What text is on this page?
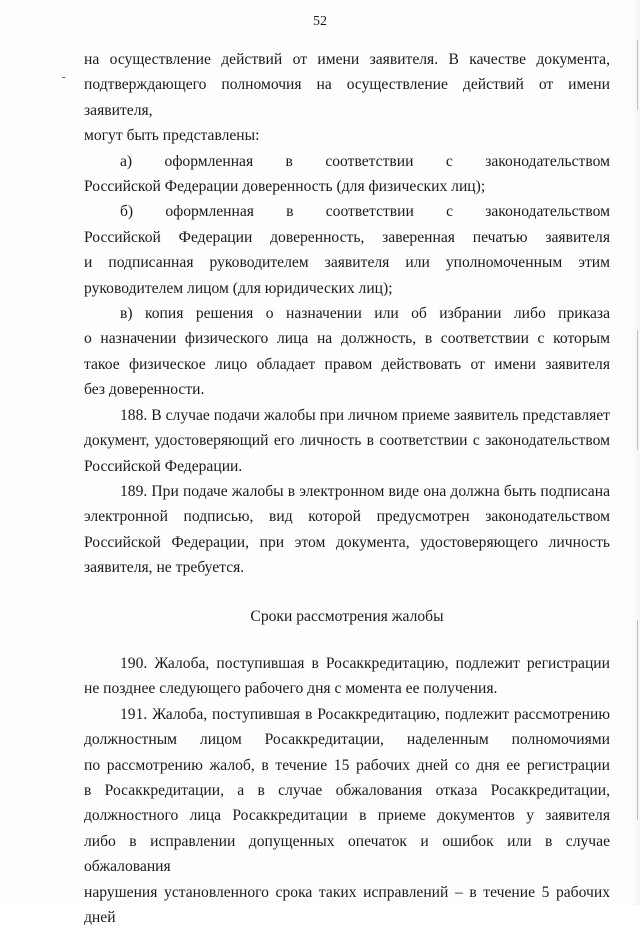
52
-
на осуществление действий от имени заявителя. В качестве документа,
подтверждающего полномочия на осуществление действий от имени заявителя,
могут быть представлены:
а) оформленная в соответствии с законодательством
Российской Федерации доверенность (для физических лиц);
б) оформленная в соответствии с законодательством
Российской Федерации доверенность, заверенная печатью заявителя
и подписанная руководителем заявителя или уполномоченным этим
руководителем лицом (для юридических лиц);
в) копия решения о назначении или об избрании либо приказа
о назначении физического лица на должность, в соответствии с которым
такое физическое лицо обладает правом действовать от имени заявителя
без доверенности.
188. В случае подачи жалобы при личном приеме заявитель представляет
документ, удостоверяющий его личность в соответствии с законодательством
Российской Федерации.
189. При подаче жалобы в электронном виде она должна быть подписана
электронной подписью, вид которой предусмотрен законодательством
Российской Федерации, при этом документа, удостоверяющего личность
заявителя, не требуется.
Сроки рассмотрения жалобы
190. Жалоба, поступившая в Росаккредитацию, подлежит регистрации
не позднее следующего рабочего дня с момента ее получения.
191. Жалоба, поступившая в Росаккредитацию, подлежит рассмотрению
должностным лицом Росаккредитации, наделенным полномочиями
по рассмотрению жалоб, в течение 15 рабочих дней со дня ее регистрации
в Росаккредитации, а в случае обжалования отказа Росаккредитации,
должностного лица Росаккредитации в приеме документов у заявителя
либо в исправлении допущенных опечаток и ошибок или в случае обжалования
нарушения установленного срока таких исправлений – в течение 5 рабочих дней
